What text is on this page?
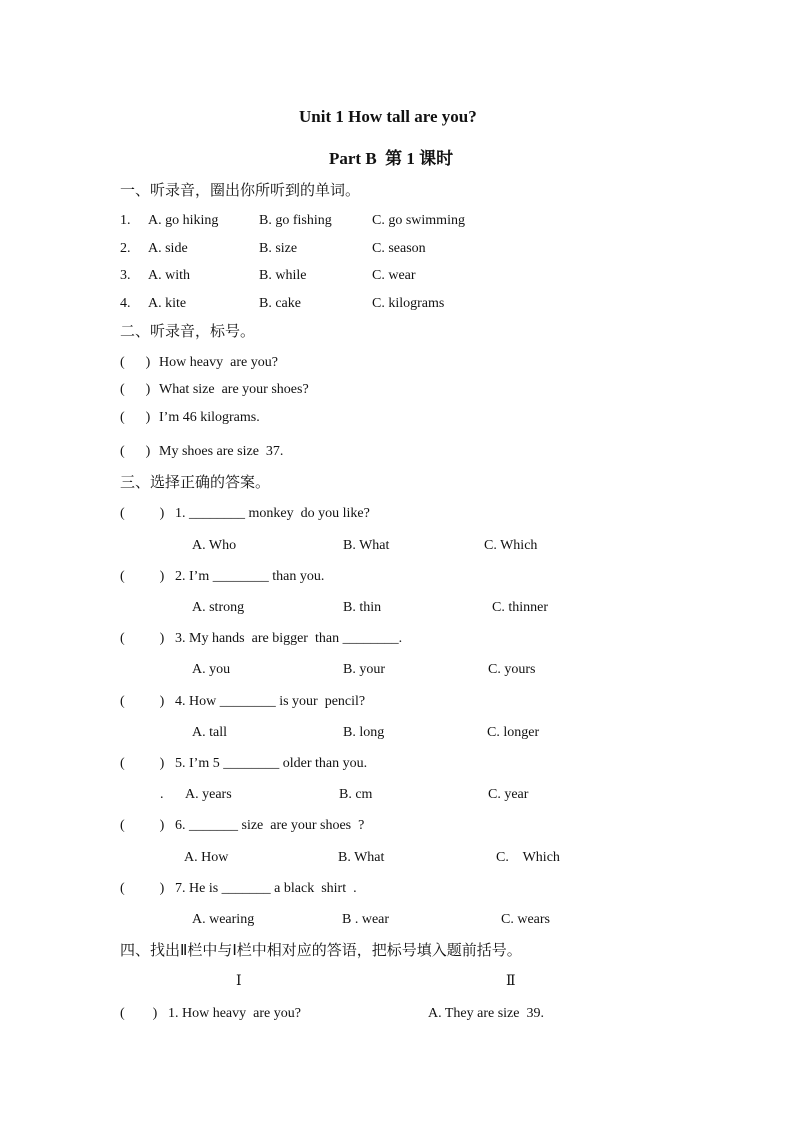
Unit 1 How tall are you?
Part B  第 1 课时
一、听录音，圈出你所听到的单词。
1. A. go hiking	B. go fishing	C. go swimming
2. A. side	B. size	C. season
3. A. with	B. while	C. wear
4. A. kite	B. cake	C. kilograms
二、听录音，标号。
(      ) How heavy  are you?
(      ) What size  are your shoes?
(      ) I’m 46 kilograms.
(      ) My shoes are size  37.
三、选择正确的答案。
(          ) 1. ________ monkey  do you like?
A. Who	B. What	C. Which
(          ) 2. I’m ________ than you.
A. strong	B. thin	C. thinner
(          ) 3. My hands  are bigger  than ________.
A. you	B. your	C. yours
(          ) 4. How ________ is your  pencil?
A. tall	B. long	C. longer
(          ) 5. I’m 5 ________ older than you.
. A. years	B. cm	C. year
(          ) 6. _______ size  are your shoes  ?
A. How	B. What	C.    Which
(          ) 7. He is _______ a black  shirt  .
A. wearing	B . wear	C. wears
四、找出Ⅱ栏中与Ⅰ栏中相对应的答语，把标号填入题前括号。
Ⅰ	Ⅱ
(        ) 1. How heavy  are you?	A. They are size  39.
